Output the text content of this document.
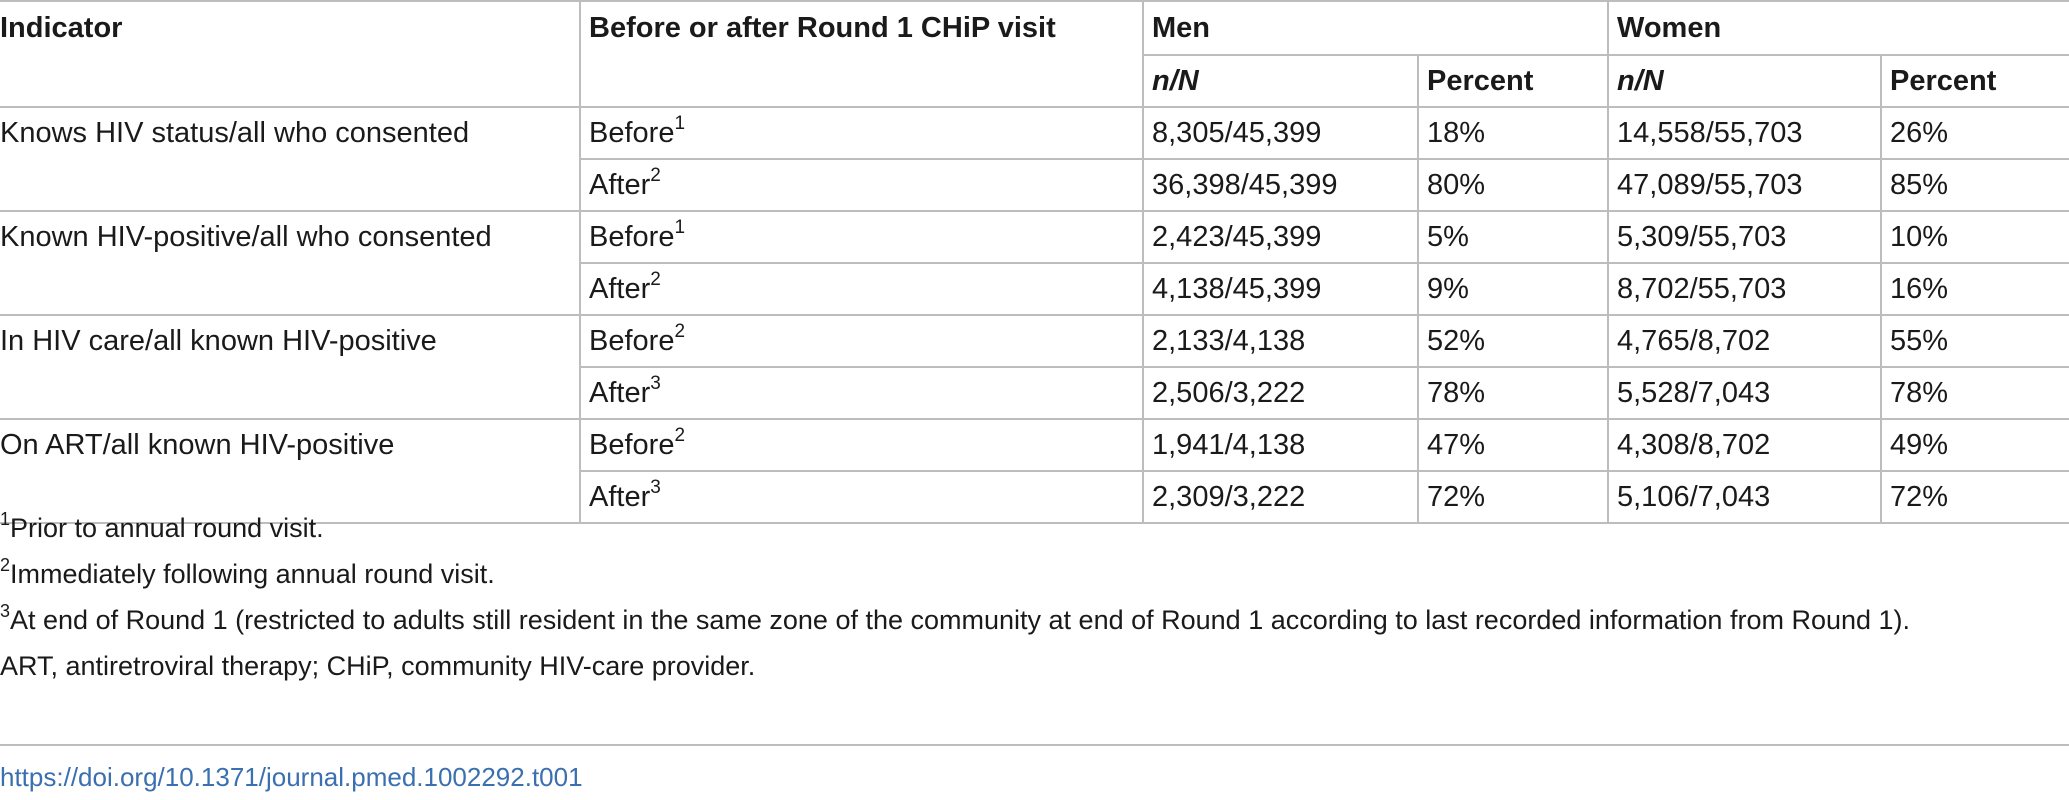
Indicator	Before or after Round 1 CHiP visit	Men		Women	
		n/N	Percent	n/N	Percent
Knows HIV status/all who consented	Before$^1$	8,305/45,399	18%	14,558/55,703	26%
	After$^2$	36,398/45,399	80%	47,089/55,703	85%
Known HIV-positive/all who consented	Before$^1$	2,423/45,399	5%	5,309/55,703	10%
	After$^2$	4,138/45,399	9%	8,702/55,703	16%
In HIV care/all known HIV-positive	Before$^2$	2,133/4,138	52%	4,765/8,702	55%
	After$^3$	2,506/3,222	78%	5,528/7,043	78%
On ART/all known HIV-positive	Before$^2$	1,941/4,138	47%	4,308/8,702	49%
	After$^3$	2,309/3,222	72%	5,106/7,043	72%

$^1$Prior to annual round visit.

$^2$Immediately following annual round visit.

$^3$At end of Round 1 (restricted to adults still resident in the same zone of the community at end of Round 1 according to last recorded information from Round 1).

ART, antiretroviral therapy; CHiP, community HIV-care provider.

https://doi.org/10.1371/journal.pmed.1002292.t001
